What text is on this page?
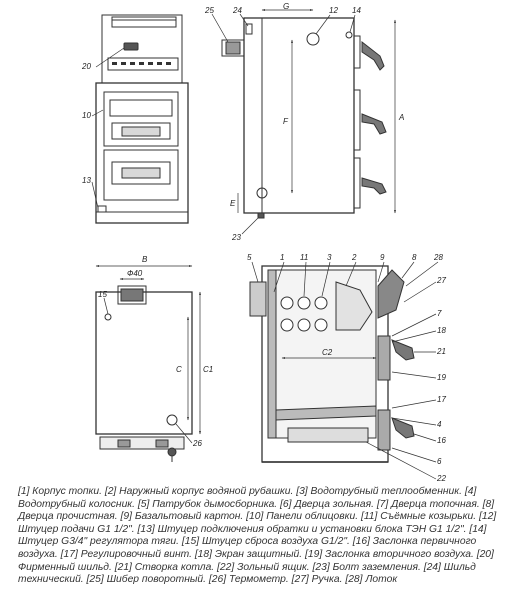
20
10
13
25 24	12 14
23
G
A
F
E
B
Ф40
C	C1
15
26
5	1 11 3	2	9	8 28
27
7
18
21
19
17
4
16
6
22
C2
[1] Корпус топки. [2] Наружный корпус водяной рубашки. [3] Водотрубный теплообменник. [4] Водотрубный колосник. [5] Патрубок дымосборника. [6] Дверца зольная. [7] Дверца топочная. [8] Дверца прочистная. [9] Базальтовый картон. [10] Панели облицовки. [11] Съёмные козырьки. [12] Штуцер подачи G1 1/2". [13] Штуцер подключения обратки и установки блока ТЭН G1 1/2". [14] Штуцер G3/4" регулятора тяги. [15] Штуцер сброса воздуха G1/2". [16] Заслонка первичного воздуха. [17] Регулировочный винт. [18] Экран защитный. [19] Заслонка вторичного воздуха. [20] Фирменный шильд. [21] Створка котла. [22] Зольный ящик. [23] Болт заземления. [24] Шильд технический. [25] Шибер поворотный. [26] Термометр. [27] Ручка. [28] Лоток
